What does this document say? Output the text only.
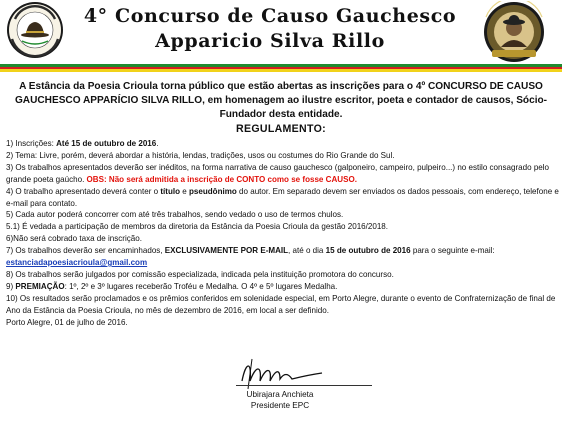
4° Concurso de Causo Gauchesco
Apparicio Silva Rillo
A Estância da Poesia Crioula torna público que estão abertas as inscrições para o 4º CONCURSO DE CAUSO GAUCHESCO APPARÍCIO SILVA RILLO, em homenagem ao ilustre escritor, poeta e contador de causos, Sócio-Fundador desta entidade.
REGULAMENTO:

1) Inscrições: Até 15 de outubro de 2016.

2) Tema: Livre, porém, deverá abordar a história, lendas, tradições, usos ou costumes do Rio Grande do Sul.

3) Os trabalhos apresentados deverão ser inéditos, na forma narrativa de causo gauchesco (galponeiro, campeiro, pulpeiro...) no estilo consagrado pelo grande poeta gaúcho. OBS: Não será admitida a inscrição de CONTO como se fosse CAUSO.

4) O trabalho apresentado deverá conter o título e pseudônimo do autor. Em separado devem ser enviados os dados pessoais, com endereço, telefone e e-mail para contato.

5) Cada autor poderá concorrer com até três trabalhos, sendo vedado o uso de termos chulos.

5.1) É vedada a participação de membros da diretoria da Estância da Poesia Crioula da gestão 2016/2018.

6)Não será cobrado taxa de inscrição.

7) Os trabalhos deverão ser encaminhados, EXCLUSIVAMENTE POR E-MAIL, até o dia 15 de outubro de 2016 para o seguinte e-mail: estanciadapoesiacrioula@gmail.com

8) Os trabalhos serão julgados por comissão especializada, indicada pela instituição promotora do concurso.

9) PREMIAÇÃO: 1º, 2º e 3º lugares receberão Troféu e Medalha. O 4º e 5º lugares Medalha.

10) Os resultados serão proclamados e os prêmios conferidos em solenidade especial, em Porto Alegre, durante o evento de Confraternização de final de Ano da Estância da Poesia Crioula, no mês de dezembro de 2016, em local a ser definido.

Porto Alegre, 01 de julho de 2016.

Ubirajara Anchieta
Presidente EPC
